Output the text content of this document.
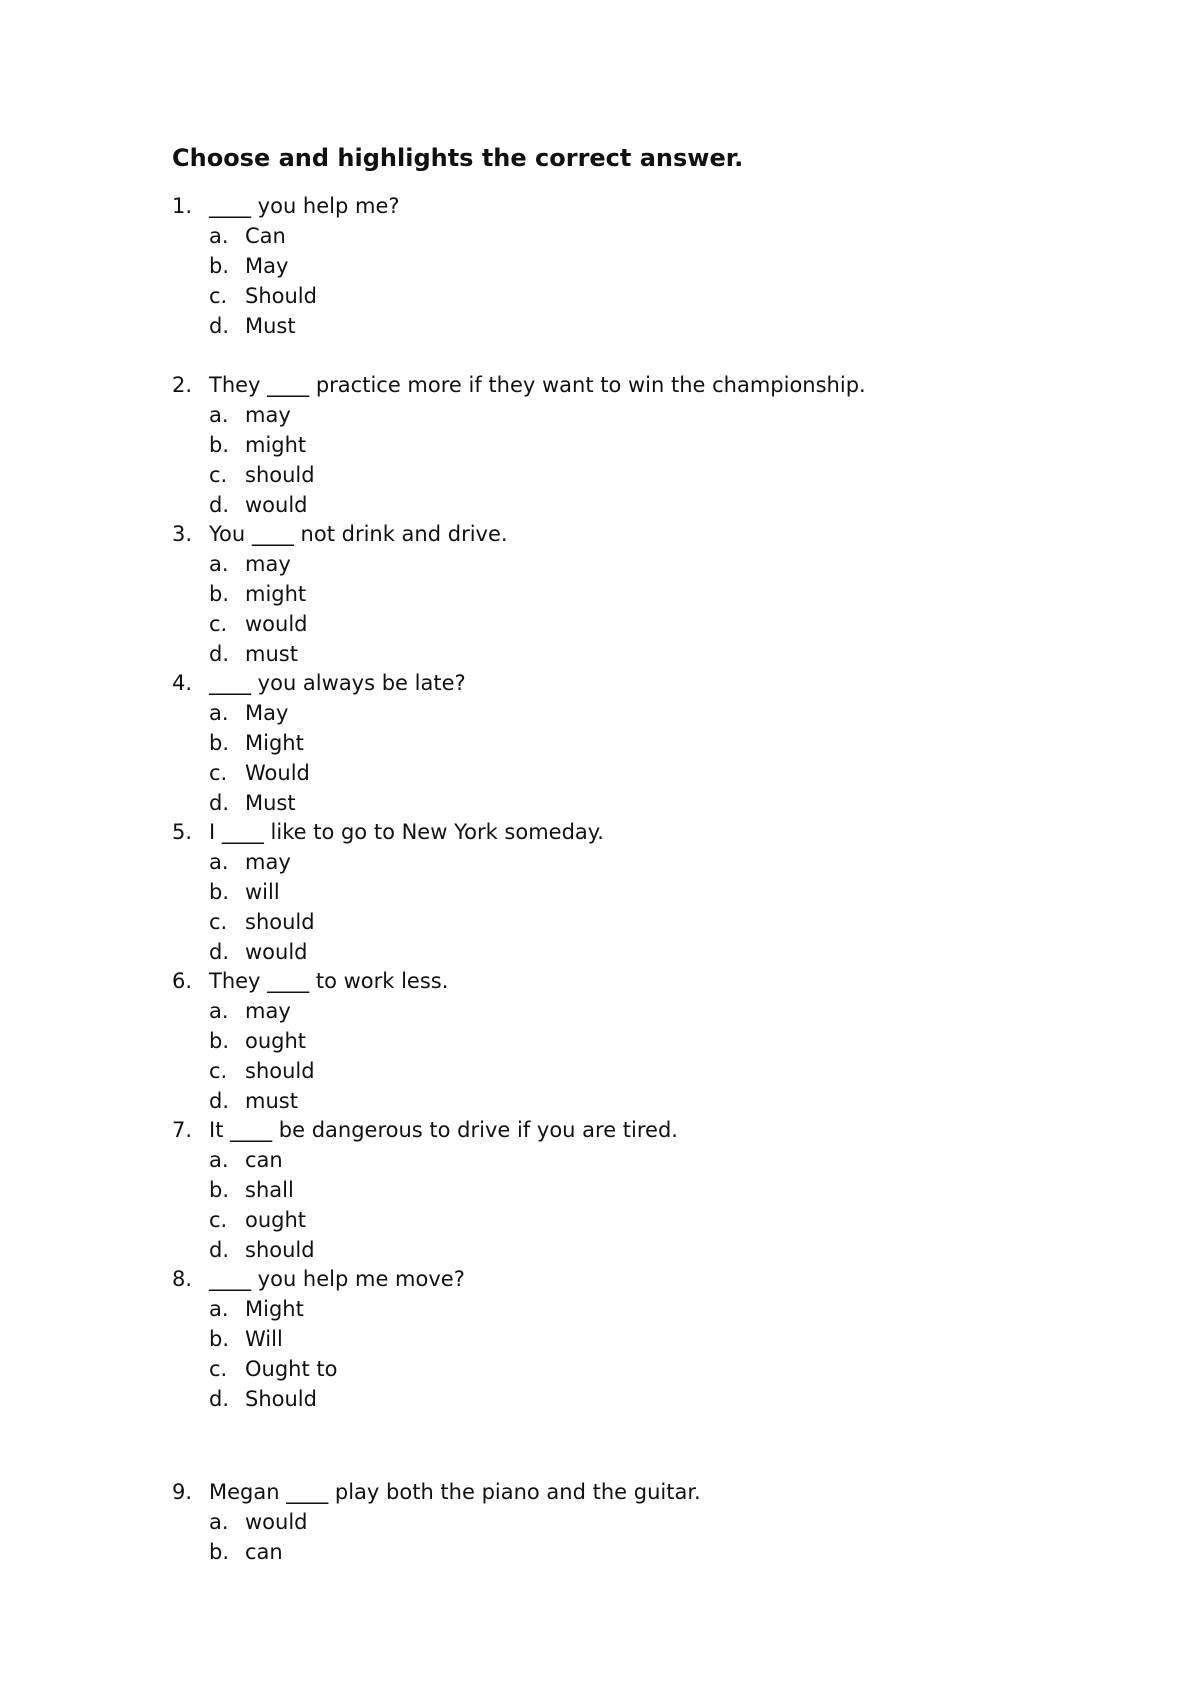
Choose and highlights the correct answer.
1. ____ you help me?
a. Can
b. May
c. Should
d. Must
2. They ____ practice more if they want to win the championship.
a. may
b. might
c. should
d. would
3. You ____ not drink and drive.
a. may
b. might
c. would
d. must
4. ____ you always be late?
a. May
b. Might
c. Would
d. Must
5. I ____ like to go to New York someday.
a. may
b. will
c. should
d. would
6. They ____ to work less.
a. may
b. ought
c. should
d. must
7. It ____ be dangerous to drive if you are tired.
a. can
b. shall
c. ought
d. should
8. ____ you help me move?
a. Might
b. Will
c. Ought to
d. Should
9. Megan ____ play both the piano and the guitar.
a. would
b. can
